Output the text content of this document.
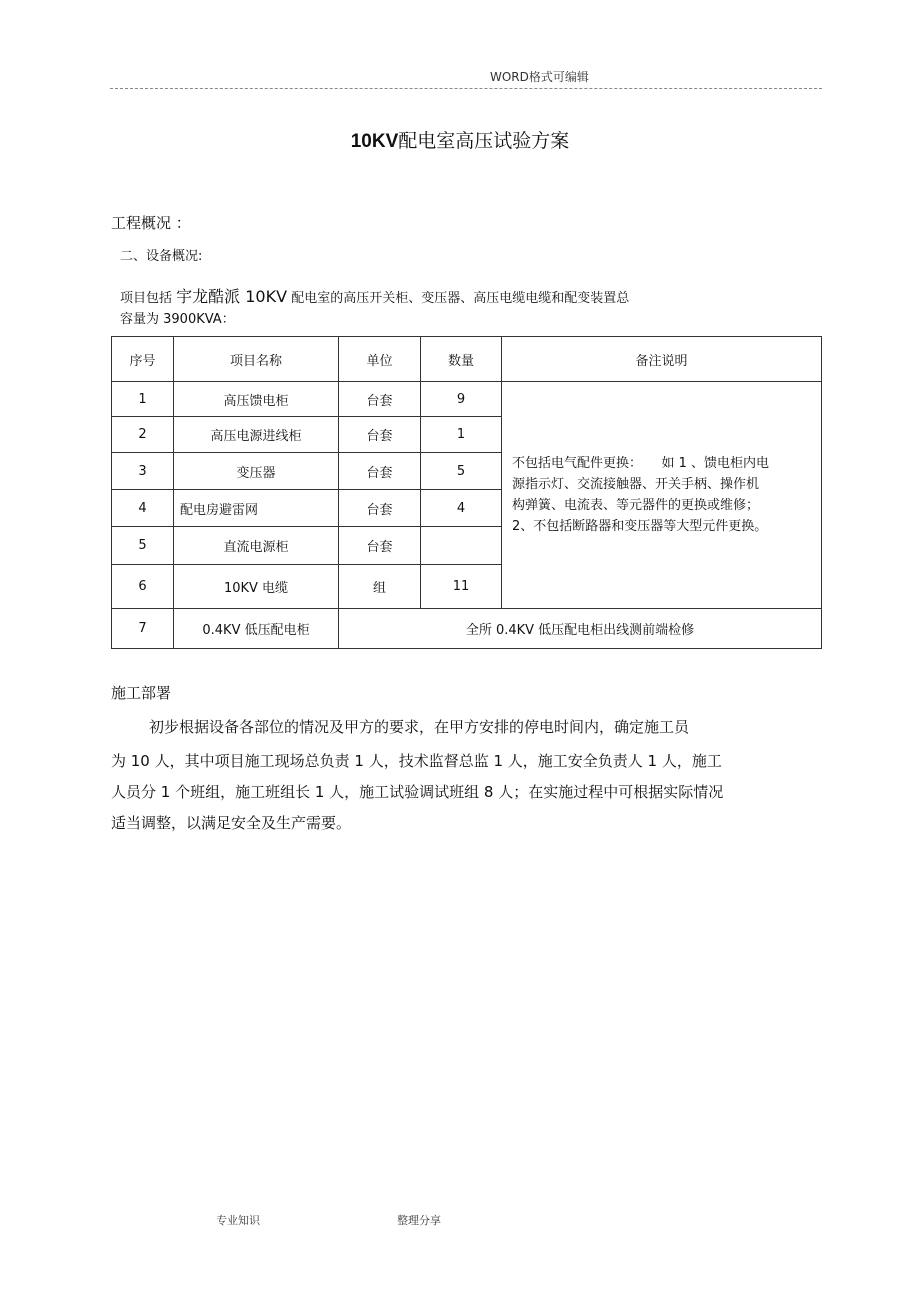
WORD格式可编辑
10KV配电室高压试验方案
工程概况 ：
二、设备概况:
项目包括 宇龙酷派 10KV 配电室的高压开关柜、变压器、高压电缆电缆和配变装置总
容量为 3900KVA：
序号	项目名称	单位	数量	备注说明
1	高压馈电柜	台套	9	不包括电气配件更换：　　如 1 、馈电柜内电
源指示灯、交流接触器、开关手柄、操作机
构弹簧、电流表、等元器件的更换或维修；
2、不包括断路器和变压器等大型元件更换。

2	高压电源进线柜	台套	1	
3	变压器	台套	5	
4	配电房避雷网	台套	4	
5	直流电源柜	台套		
6	10KV 电缆	组	11	
7	0.4KV 低压配电柜	全所 0.4KV 低压配电柜出线测前端检修		
施工部署
初步根据设备各部位的情况及甲方的要求，在甲方安排的停电时间内，确定施工员
为 10 人，其中项目施工现场总负责 1 人，技术监督总监 1 人，施工安全负责人 1 人，施工
人员分 1 个班组，施工班组长 1 人，施工试验调试班组 8 人；在实施过程中可根据实际情况
适当调整，以满足安全及生产需要。
专业知识	整理分享
